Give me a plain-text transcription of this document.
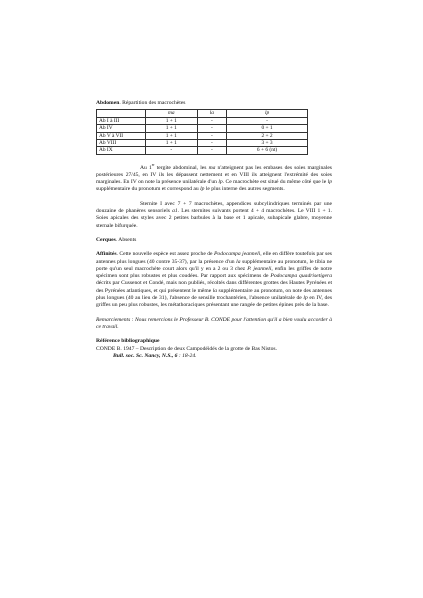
Abdomen. Répartition des macrochètes
	ma	la	lp
Ab I à III	1 + 1	-	-
Ab IV	1 + 1	-	0 + 1
Ab V à VII	1 + 1	-	2 + 2
Ab VIII	1 + 1	-	3 + 3
Ab IX	-	-	6 + 6 (nt)

Au 1er tergite abdominal, les ma n'atteignent pas les embases des soies marginales postérieures 27/45, en IV ils les dépassent nettement et en VIII ils atteignent l'extrémité des soies marginales. En IV on note la présence unilatérale d'un lp. Ce macrochète est situé du même côté que le lp supplémentaire du pronotum et correspond au lp le plus interne des autres segments.

Sternite I avec 7 + 7 macrochètes, appendices subcylindriques terminés par une douzaine de phanères sensoriels a1. Les sternites suivants portent 4 + 4 macrochètes. Le VIII 1 + 1. Soies apicales des styles avec 2 petites barbules à la base et 1 apicale, subapicale glabre, moyenne sternale bifurquée.

Cerques. Absents

Affinités. Cette nouvelle espèce est assez proche de Podocampa jeanneli, elle en diffère toutefois par ses antennes plus longues (40 contre 35-37), par la présence d'un la supplémentaire au pronotum, le tibia ne porte qu'un seul macrochète court alors qu'il y en a 2 ou 3 chez P. jeanneli, enfin les griffes de notre spécimen sont plus robustes et plus coudées. Par rapport aux spécimens de Podocampa quadrisetigera décrits par Cussenot et Condé, mais non publiés, récoltés dans différentes grottes des Hautes Pyrénées et des Pyrénées atlantiques, et qui présentent le même la supplémentaire au pronotum, on note des antennes plus longues (40 au lieu de 31), l'absence de sensille trochantérien, l'absence unilatérale de lp en IV, des griffes un peu plus robustes, les métathoraciques présentant une rangée de petites épines près de la base.

Remarciements : Nous remercions le Professeur B. CONDE pour l'attention qu'il a bien voulu accorder à ce travail.

Référence bibliographique
CONDE B. 1947 – Description de deux Campodéidés de la grotte de Bas Nistos.
Bull. soc. Sc. Nancy, N.S., 6 : 18-24.
